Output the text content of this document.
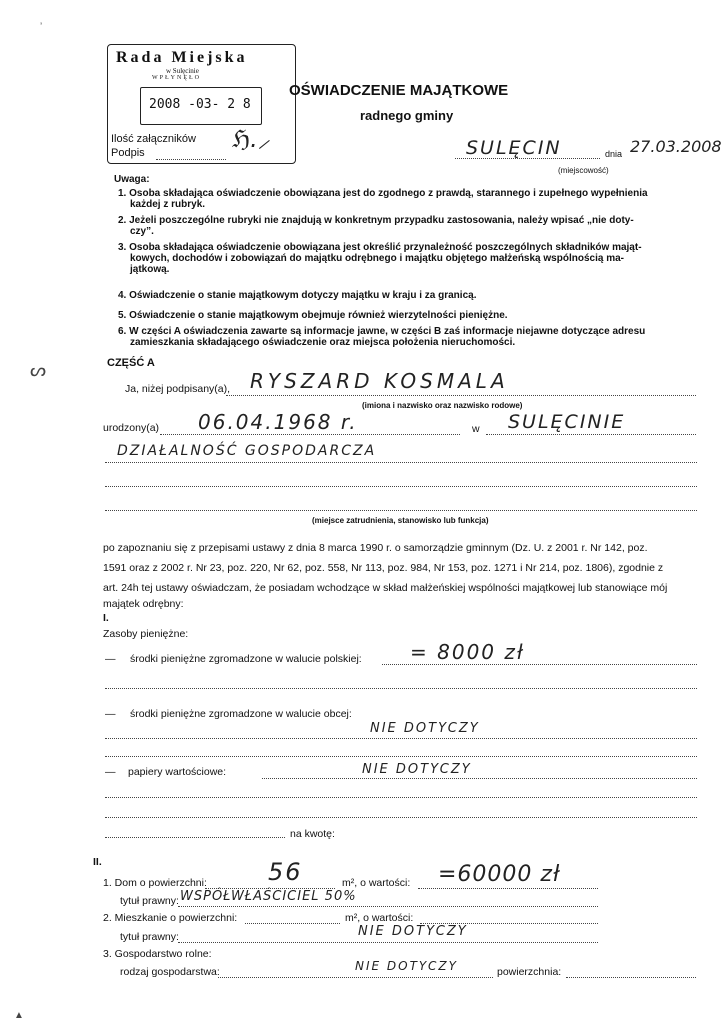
Rada Miejska
w Sulęcinie
WPŁYNĘŁO
Ilość załączników
Podpis
2008 -03- 2 8
ℌ.⸝
OŚWIADCZENIE MAJĄTKOWE
radnego gminy
SULĘCIN	dnia 27.03.2008
(miejscowość)
Uwaga:
1. Osoba składająca oświadczenie obowiązana jest do zgodnego z prawdą, starannego i zupełnego wypełnienia
każdej z rubryk.
2. Jeżeli poszczególne rubryki nie znajdują w konkretnym przypadku zastosowania, należy wpisać „nie doty-
czy”.
3. Osoba składająca oświadczenie obowiązana jest określić przynależność poszczególnych składników mająt-
kowych, dochodów i zobowiązań do majątku odrębnego i majątku objętego małżeńską wspólnością ma-
jątkową.
4. Oświadczenie o stanie majątkowym dotyczy majątku w kraju i za granicą.
5. Oświadczenie o stanie majątkowym obejmuje również wierzytelności pieniężne.
6. W części A oświadczenia zawarte są informacje jawne, w części B zaś informacje niejawne dotyczące adresu
zamieszkania składającego oświadczenie oraz miejsca położenia nieruchomości.
CZĘŚĆ A
Ja, niżej podpisany(a), RYSZARD KOSMALA
(imiona i nazwisko oraz nazwisko rodowe)
urodzony(a) 06.04.1968 r.	w SULĘCINIE
DZIAŁALNOŚĆ GOSPODARCZA
(miejsce zatrudnienia, stanowisko lub funkcja)
po zapoznaniu się z przepisami ustawy z dnia 8 marca 1990 r. o samorządzie gminnym (Dz. U. z 2001 r. Nr 142, poz.
1591 oraz z 2002 r. Nr 23, poz. 220, Nr 62, poz. 558, Nr 113, poz. 984, Nr 153, poz. 1271 i Nr 214, poz. 1806), zgodnie z
art. 24h tej ustawy oświadczam, że posiadam wchodzące w skład małżeńskiej wspólności majątkowej lub stanowiące mój
majątek odrębny:
I.
Zasoby pieniężne:
— środki pieniężne zgromadzone w walucie polskiej: = 8000 zł
— środki pieniężne zgromadzone w walucie obcej:
NIE DOTYCZY
— papiery wartościowe:	NIE DOTYCZY
na kwotę:
II.
1. Dom o powierzchni:	56	m², o wartości: =60000 zł
tytuł prawny: WSPÓŁWŁAŚCICIEL 50%
2. Mieszkanie o powierzchni:	m², o wartości:
tytuł prawny:	NIE DOTYCZY
3. Gospodarstwo rolne:
rodzaj gospodarstwa:	NIE DOTYCZY	powierzchnia:
ʼ
ᔕ
▲
